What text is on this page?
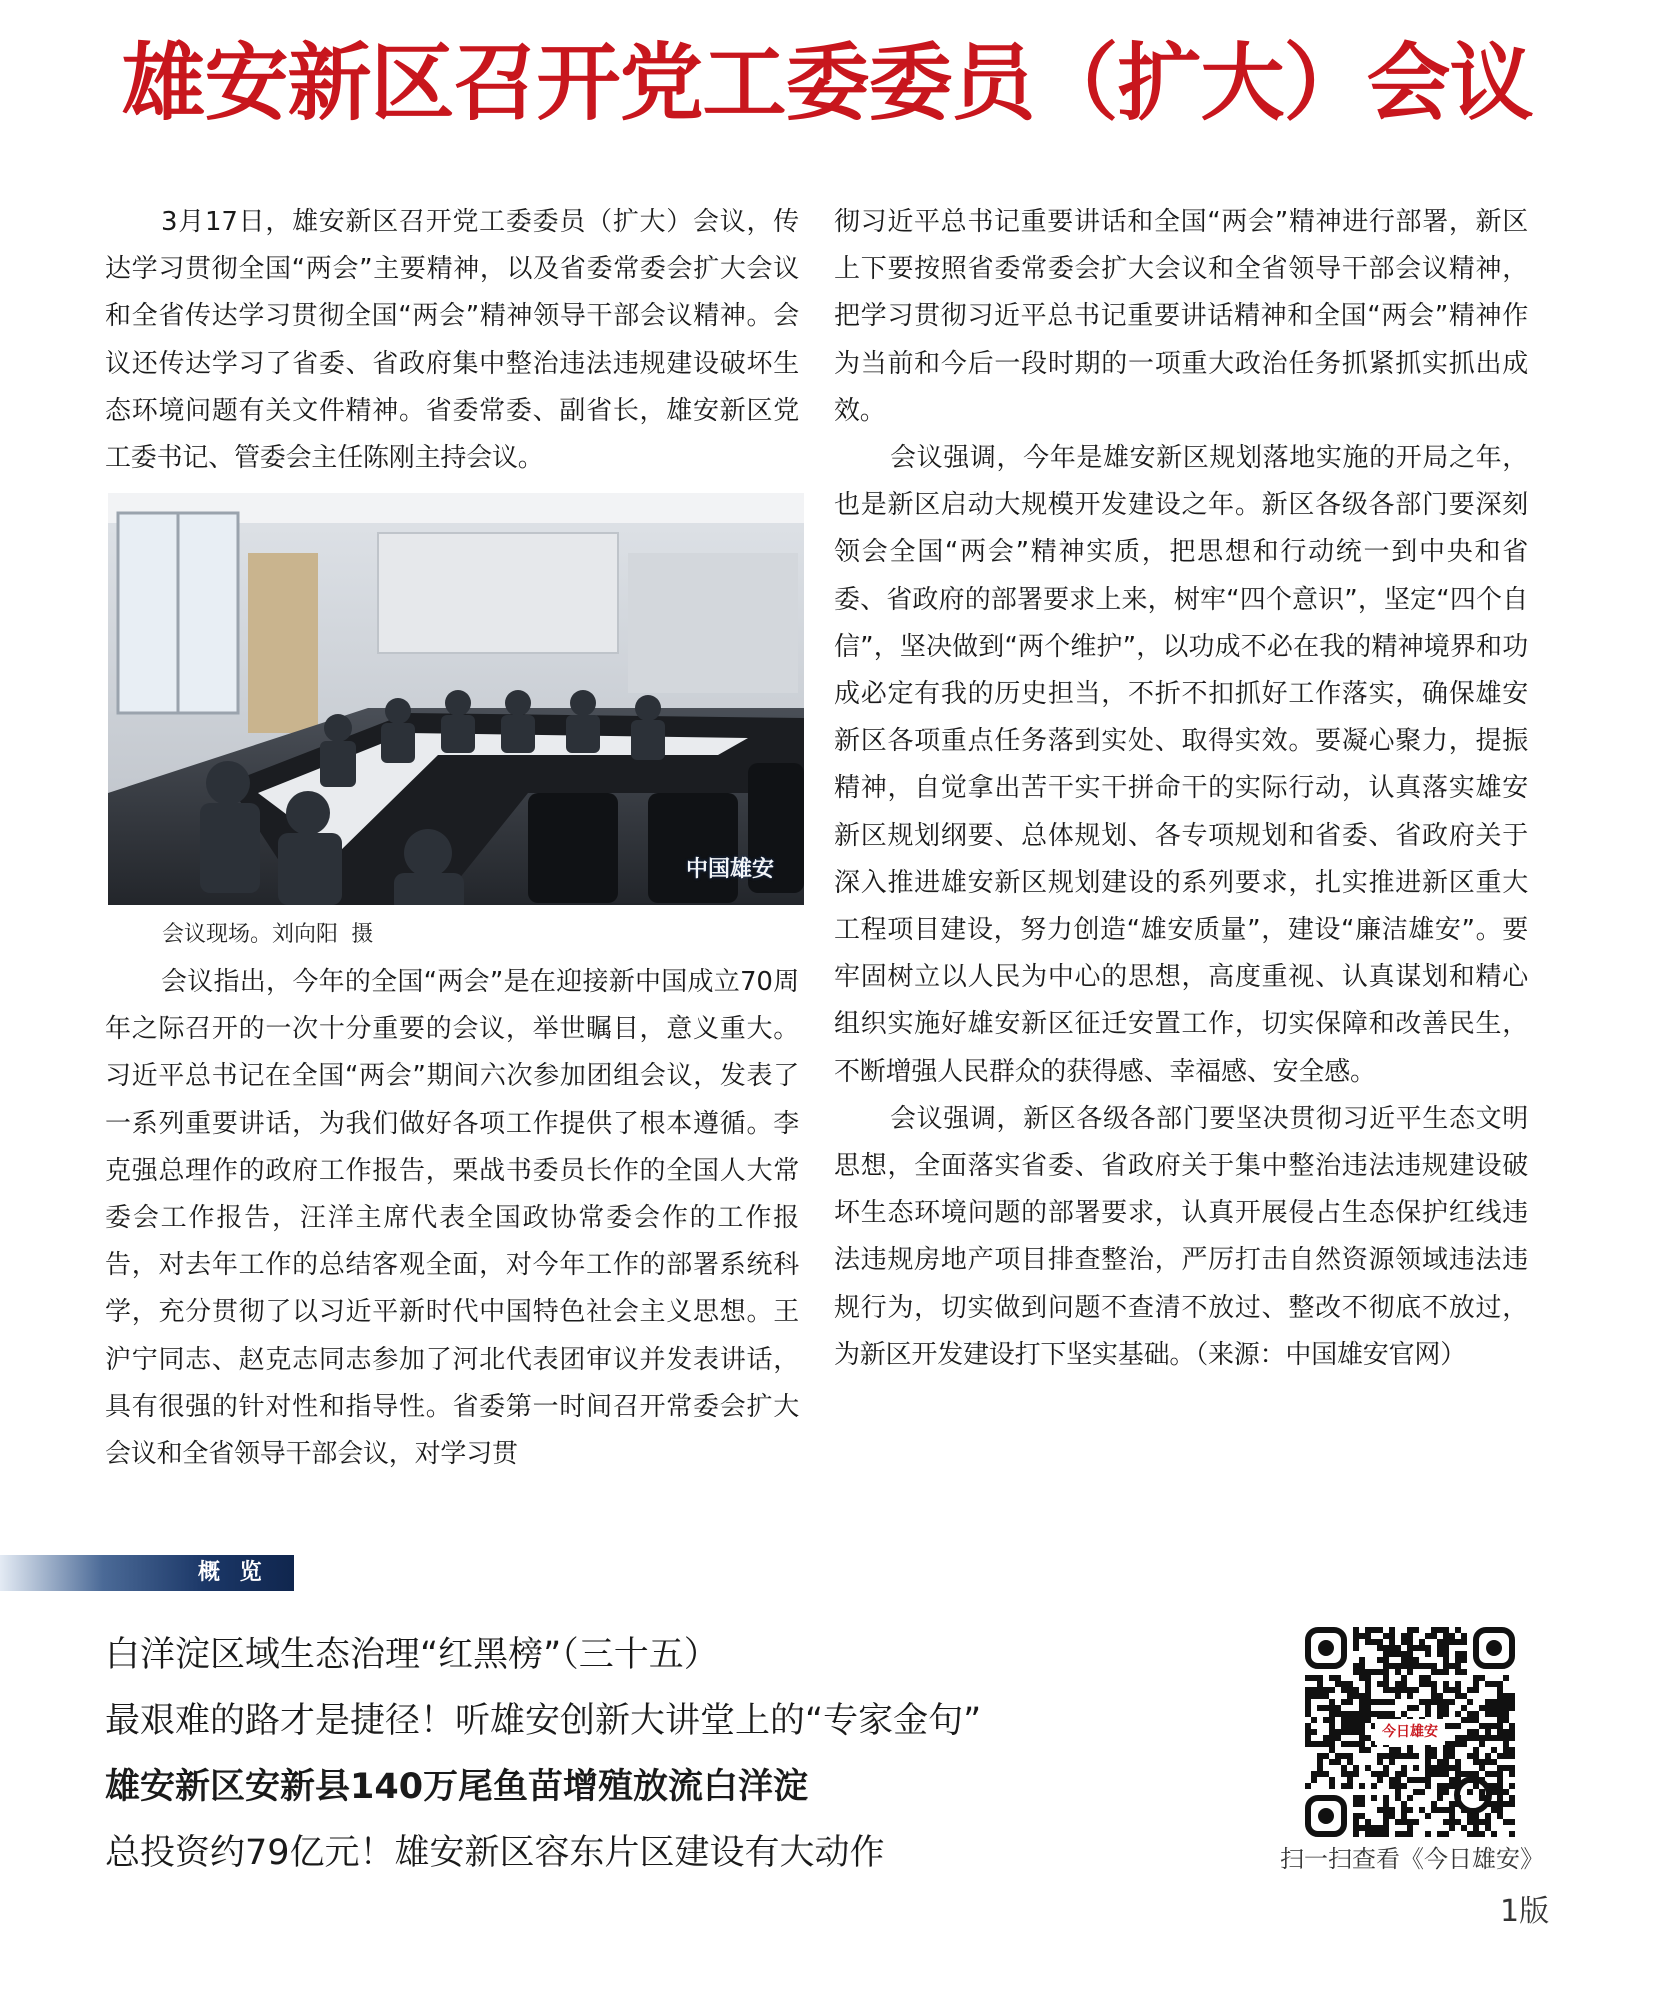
雄安新区召开党工委委员（扩大）会议

3月17日，雄安新区召开党工委委员（扩大）会议，传达学习贯彻全国“两会”主要精神，以及省委常委会扩大会议和全省传达学习贯彻全国“两会”精神领导干部会议精神。会议还传达学习了省委、省政府集中整治违法违规建设破坏生态环境问题有关文件精神。省委常委、副省长，雄安新区党工委书记、管委会主任陈刚主持会议。

中国雄安
会议现场。刘向阳 摄

会议指出，今年的全国“两会”是在迎接新中国成立70周年之际召开的一次十分重要的会议，举世瞩目，意义重大。习近平总书记在全国“两会”期间六次参加团组会议，发表了一系列重要讲话，为我们做好各项工作提供了根本遵循。李克强总理作的政府工作报告，栗战书委员长作的全国人大常委会工作报告，汪洋主席代表全国政协常委会作的工作报告，对去年工作的总结客观全面，对今年工作的部署系统科学，充分贯彻了以习近平新时代中国特色社会主义思想。王沪宁同志、赵克志同志参加了河北代表团审议并发表讲话，具有很强的针对性和指导性。省委第一时间召开常委会扩大会议和全省领导干部会议，对学习贯

彻习近平总书记重要讲话和全国“两会”精神进行部署，新区上下要按照省委常委会扩大会议和全省领导干部会议精神，把学习贯彻习近平总书记重要讲话精神和全国“两会”精神作为当前和今后一段时期的一项重大政治任务抓紧抓实抓出成效。

会议强调，今年是雄安新区规划落地实施的开局之年，也是新区启动大规模开发建设之年。新区各级各部门要深刻领会全国“两会”精神实质，把思想和行动统一到中央和省委、省政府的部署要求上来，树牢“四个意识”，坚定“四个自信”，坚决做到“两个维护”，以功成不必在我的精神境界和功成必定有我的历史担当，不折不扣抓好工作落实，确保雄安新区各项重点任务落到实处、取得实效。要凝心聚力，提振精神，自觉拿出苦干实干拼命干的实际行动，认真落实雄安新区规划纲要、总体规划、各专项规划和省委、省政府关于深入推进雄安新区规划建设的系列要求，扎实推进新区重大工程项目建设，努力创造“雄安质量”，建设“廉洁雄安”。要牢固树立以人民为中心的思想，高度重视、认真谋划和精心组织实施好雄安新区征迁安置工作，切实保障和改善民生，不断增强人民群众的获得感、幸福感、安全感。

会议强调，新区各级各部门要坚决贯彻习近平生态文明思想，全面落实省委、省政府关于集中整治违法违规建设破坏生态环境问题的部署要求，认真开展侵占生态保护红线违法违规房地产项目排查整治，严厉打击自然资源领域违法违规行为，切实做到问题不查清不放过、整改不彻底不放过，为新区开发建设打下坚实基础。（来源：中国雄安官网）

概 览
白洋淀区域生态治理“红黑榜”（三十五）
最艰难的路才是捷径！听雄安创新大讲堂上的“专家金句”
雄安新区安新县140万尾鱼苗增殖放流白洋淀
总投资约79亿元！雄安新区容东片区建设有大动作
今日雄安
扫一扫查看《今日雄安》
1版
